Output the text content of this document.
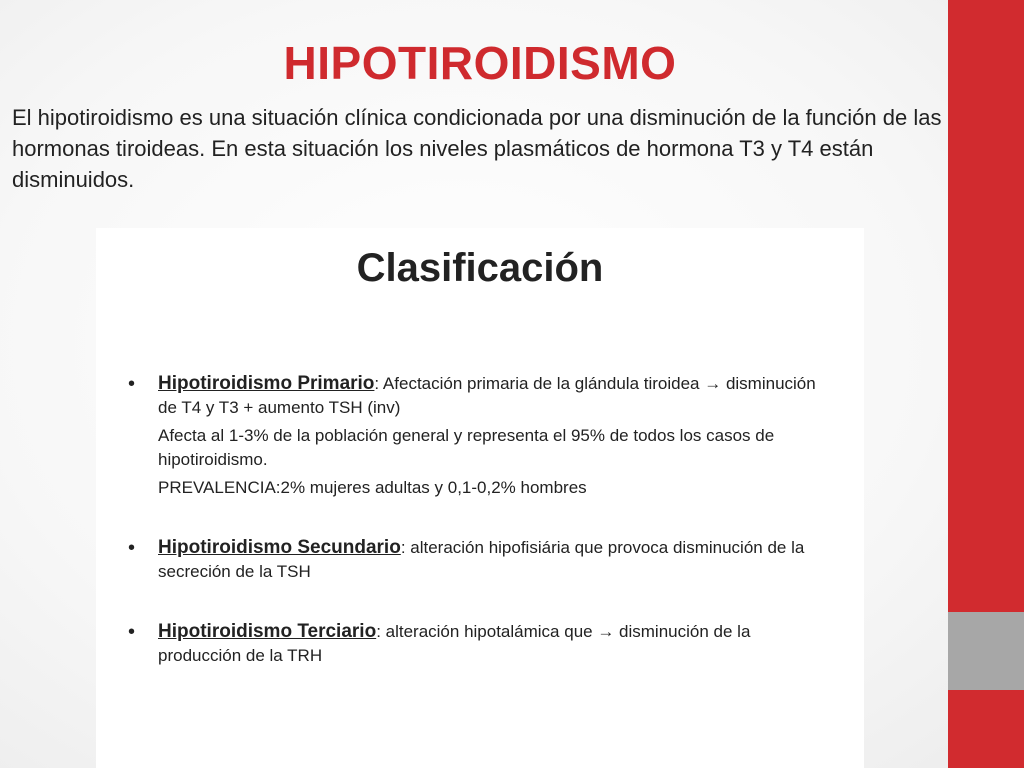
HIPOTIROIDISMO

El hipotiroidismo es una situación clínica condicionada por una disminución de la función de las hormonas tiroideas. En esta situación los niveles plasmáticos de hormona T3 y T4 están disminuidos.

Clasificación
• Hipotiroidismo Primario: Afectación primaria de la glándula tiroidea → disminución de T4 y T3 + aumento TSH (inv)
Afecta al 1-3% de la población general y representa el 95% de todos los casos de hipotiroidismo.
PREVALENCIA:2% mujeres adultas y 0,1-0,2% hombres
• Hipotiroidismo Secundario: alteración hipofisiária que provoca disminución de la secreción de la TSH
• Hipotiroidismo Terciario: alteración hipotalámica que → disminución de la producción de la TRH
